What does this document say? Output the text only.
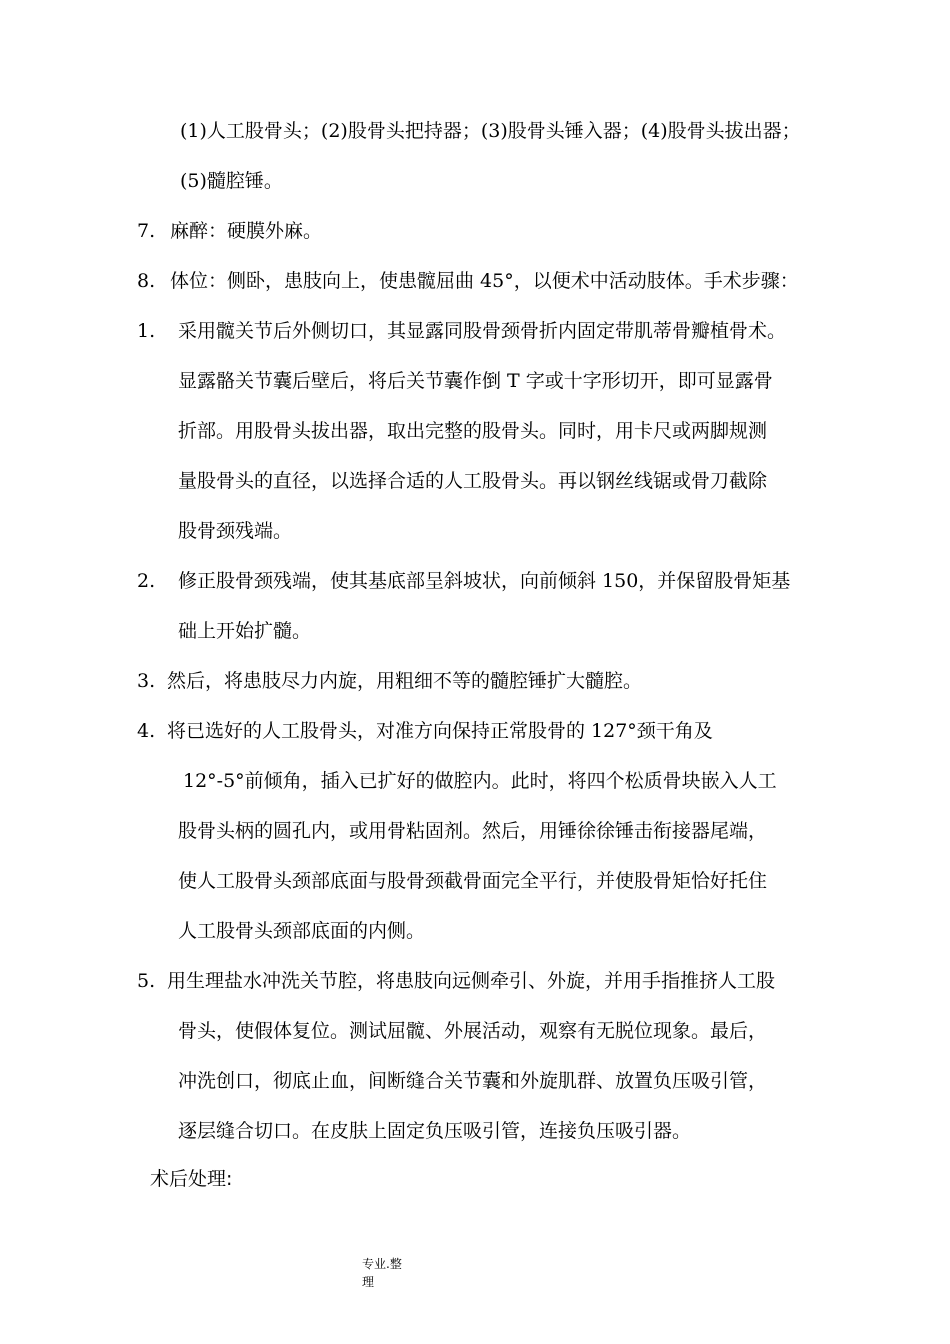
(1)人工股骨头；(2)股骨头把持器；(3)股骨头锤入器；(4)股骨头拔出器；
(5)髓腔锤。
7. 麻醉：硬膜外麻。
8. 体位：侧卧，患肢向上，使患髋屈曲 45°，以便术中活动肢体。手术步骤：
1. 采用髋关节后外侧切口，其显露同股骨颈骨折内固定带肌蒂骨瓣植骨术。
显露骼关节囊后壁后，将后关节囊作倒 T 字或十字形切开，即可显露骨
折部。用股骨头拔出器，取出完整的股骨头。同时，用卡尺或两脚规测
量股骨头的直径，以选择合适的人工股骨头。再以钢丝线锯或骨刀截除
股骨颈残端。
2. 修正股骨颈残端，使其基底部呈斜坡状，向前倾斜 150，并保留股骨矩基
础上开始扩髓。
3. 然后，将患肢尽力内旋，用粗细不等的髓腔锤扩大髓腔。
4. 将已选好的人工股骨头，对准方向保持正常股骨的 127°颈干角及
12°-5°前倾角，插入已扩好的做腔内。此时，将四个松质骨块嵌入人工
股骨头柄的圆孔内，或用骨粘固剂。然后，用锤徐徐锤击衔接器尾端，
使人工股骨头颈部底面与股骨颈截骨面完全平行，并使股骨矩恰好托住
人工股骨头颈部底面的内侧。
5. 用生理盐水冲洗关节腔，将患肢向远侧牵引、外旋，并用手指推挤人工股
骨头，使假体复位。测试屈髋、外展活动，观察有无脱位现象。最后，
冲洗创口，彻底止血，间断缝合关节囊和外旋肌群、放置负压吸引管，
逐层缝合切口。在皮肤上固定负压吸引管，连接负压吸引器。
术后处理:
专业.整
理
